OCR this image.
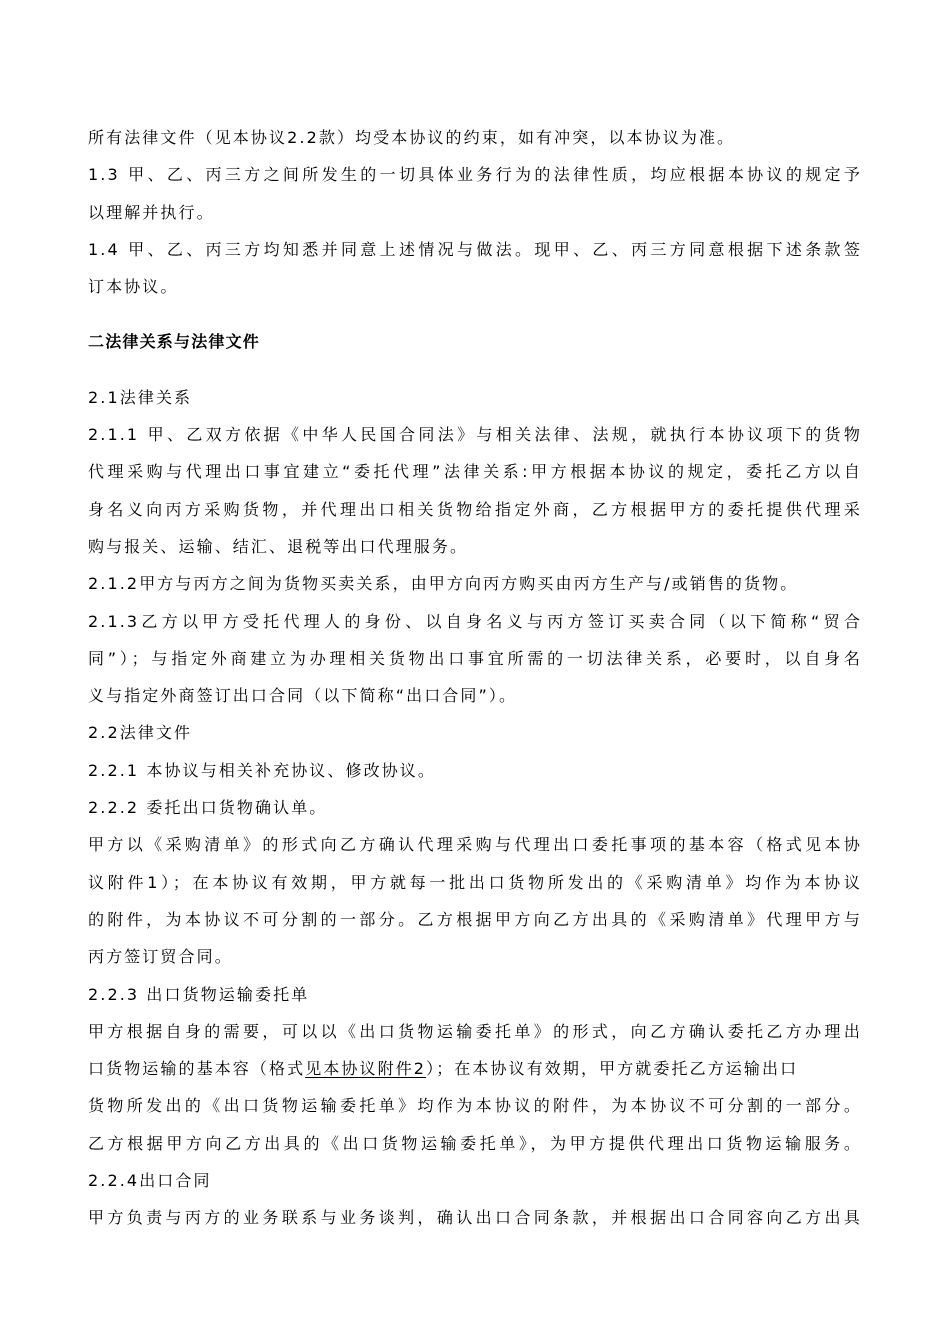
所有法律文件（见本协议2.2款）均受本协议的约束，如有冲突，以本协议为准。
1.3 甲、乙、丙三方之间所发生的一切具体业务行为的法律性质，均应根据本协议的规定予
以理解并执行。
1.4 甲、乙、丙三方均知悉并同意上述情况与做法。现甲、乙、丙三方同意根据下述条款签
订本协议。
二法律关系与法律文件
2.1法律关系
2.1.1 甲、乙双方依据《中华人民国合同法》与相关法律、法规，就执行本协议项下的货物
代理采购与代理出口事宜建立“委托代理”法律关系:甲方根据本协议的规定，委托乙方以自
身名义向丙方采购货物，并代理出口相关货物给指定外商，乙方根据甲方的委托提供代理采
购与报关、运输、结汇、退税等出口代理服务。
2.1.2甲方与丙方之间为货物买卖关系，由甲方向丙方购买由丙方生产与/或销售的货物。
2.1.3乙方以甲方受托代理人的身份、以自身名义与丙方签订买卖合同（以下简称“贸合
同”）；与指定外商建立为办理相关货物出口事宜所需的一切法律关系，必要时，以自身名
义与指定外商签订出口合同（以下简称“出口合同”）。
2.2法律文件
2.2.1 本协议与相关补充协议、修改协议。
2.2.2 委托出口货物确认单。
甲方以《采购清单》的形式向乙方确认代理采购与代理出口委托事项的基本容（格式见本协
议附件1）；在本协议有效期，甲方就每一批出口货物所发出的《采购清单》均作为本协议
的附件，为本协议不可分割的一部分。乙方根据甲方向乙方出具的《采购清单》代理甲方与
丙方签订贸合同。
2.2.3 出口货物运输委托单
甲方根据自身的需要，可以以《出口货物运输委托单》的形式，向乙方确认委托乙方办理出
口货物运输的基本容（格式见本协议附件2）；在本协议有效期，甲方就委托乙方运输出口
货物所发出的《出口货物运输委托单》均作为本协议的附件，为本协议不可分割的一部分。
乙方根据甲方向乙方出具的《出口货物运输委托单》，为甲方提供代理出口货物运输服务。
2.2.4出口合同
甲方负责与丙方的业务联系与业务谈判，确认出口合同条款，并根据出口合同容向乙方出具
